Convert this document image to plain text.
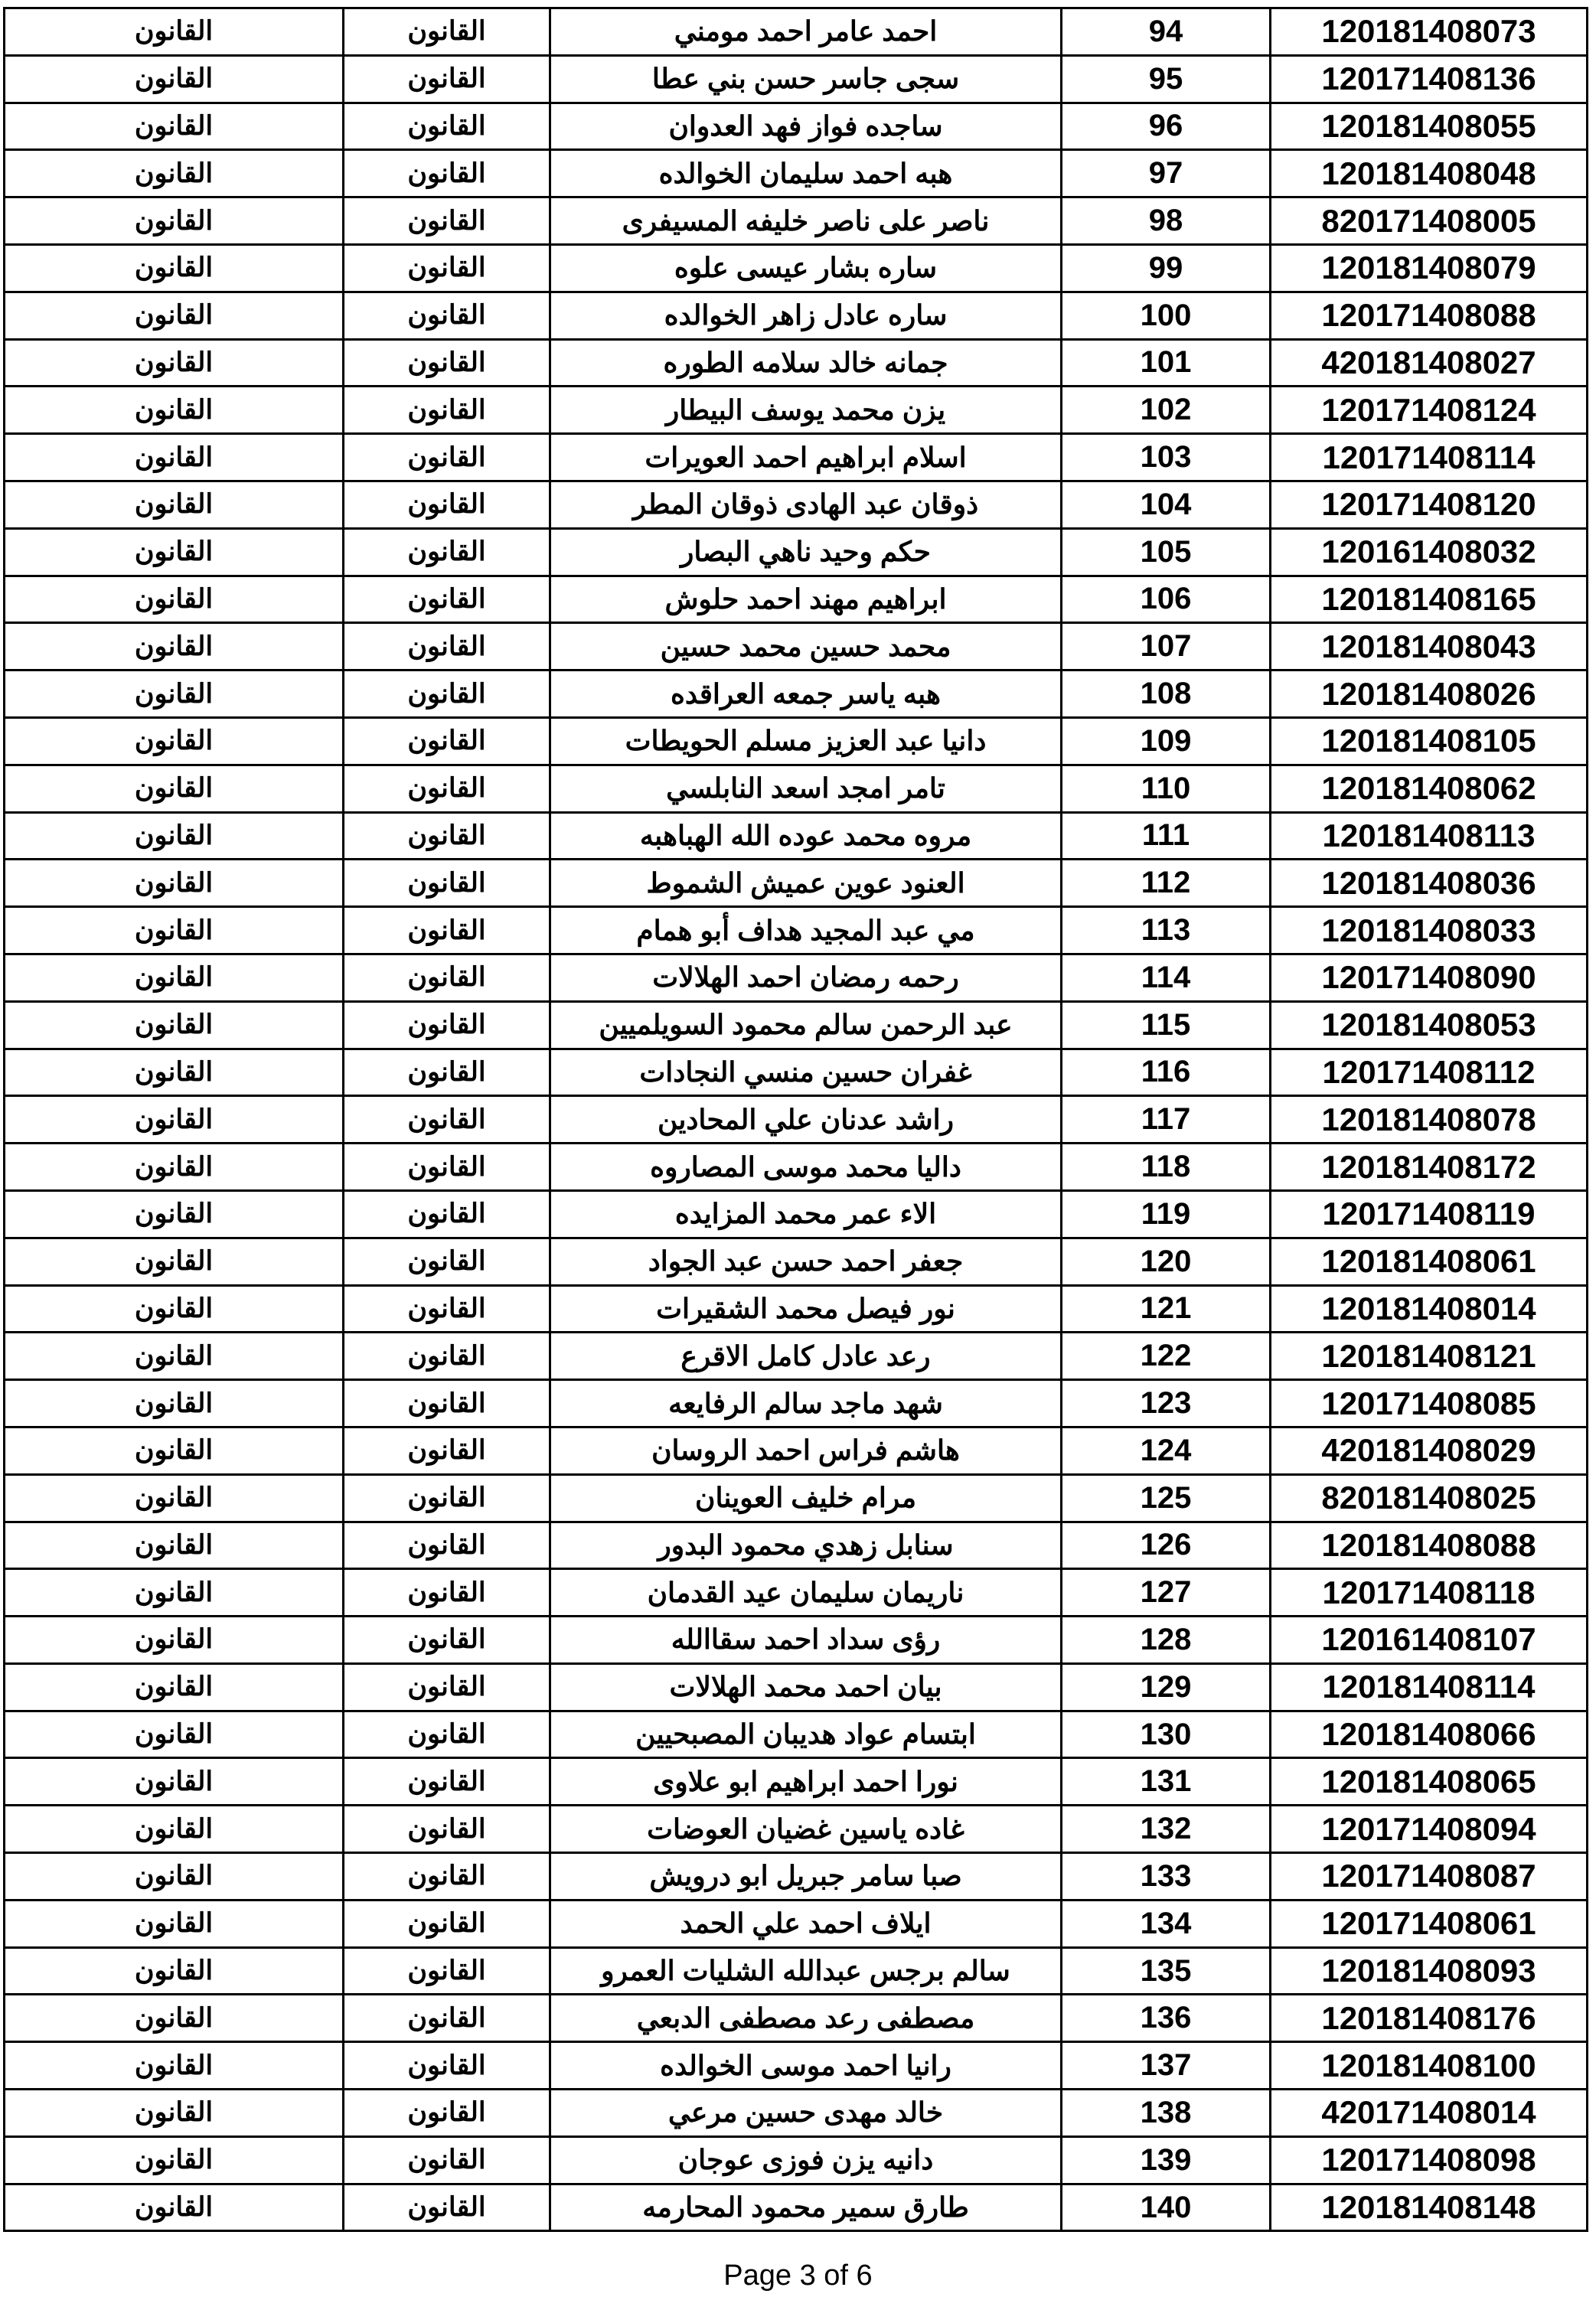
القانون	القانون	احمد عامر احمد مومني	94	120181408073
القانون	القانون	سجى جاسر حسن بني عطا	95	120171408136
القانون	القانون	ساجده فواز فهد العدوان	96	120181408055
القانون	القانون	هبه احمد سليمان الخوالده	97	120181408048
القانون	القانون	ناصر على ناصر خليفه المسيفرى	98	820171408005
القانون	القانون	ساره بشار عيسى علوه	99	120181408079
القانون	القانون	ساره عادل زاهر الخوالده	100	120171408088
القانون	القانون	جمانه خالد سلامه الطوره	101	420181408027
القانون	القانون	يزن محمد يوسف البيطار	102	120171408124
القانون	القانون	اسلام ابراهيم احمد العويرات	103	120171408114
القانون	القانون	ذوقان عبد الهادى ذوقان المطر	104	120171408120
القانون	القانون	حكم وحيد ناهي البصار	105	120161408032
القانون	القانون	ابراهيم مهند احمد حلوش	106	120181408165
القانون	القانون	محمد حسين محمد حسين	107	120181408043
القانون	القانون	هبه ياسر جمعه العراقده	108	120181408026
القانون	القانون	دانيا عبد العزيز مسلم الحويطات	109	120181408105
القانون	القانون	تامر امجد اسعد النابلسي	110	120181408062
القانون	القانون	مروه محمد عوده الله الهباهبه	111	120181408113
القانون	القانون	العنود عوين عميش الشموط	112	120181408036
القانون	القانون	مي عبد المجيد هداف أبو همام	113	120181408033
القانون	القانون	رحمه رمضان احمد الهلالات	114	120171408090
القانون	القانون	عبد الرحمن سالم محمود السويلميين	115	120181408053
القانون	القانون	غفران حسين منسي النجادات	116	120171408112
القانون	القانون	راشد عدنان علي المحادين	117	120181408078
القانون	القانون	داليا محمد موسى المصاروه	118	120181408172
القانون	القانون	الاء عمر محمد المزايده	119	120171408119
القانون	القانون	جعفر احمد حسن عبد الجواد	120	120181408061
القانون	القانون	نور فيصل محمد الشقيرات	121	120181408014
القانون	القانون	رعد عادل كامل الاقرع	122	120181408121
القانون	القانون	شهد ماجد سالم الرفايعه	123	120171408085
القانون	القانون	هاشم فراس احمد الروسان	124	420181408029
القانون	القانون	مرام خليف العوينان	125	820181408025
القانون	القانون	سنابل زهدي محمود البدور	126	120181408088
القانون	القانون	ناريمان سليمان عيد القدمان	127	120171408118
القانون	القانون	رؤى سداد احمد سقاالله	128	120161408107
القانون	القانون	بيان احمد محمد الهلالات	129	120181408114
القانون	القانون	ابتسام عواد هديبان المصبحيين	130	120181408066
القانون	القانون	نورا احمد ابراهيم ابو علاوى	131	120181408065
القانون	القانون	غاده ياسين غضيان العوضات	132	120171408094
القانون	القانون	صبا سامر جبريل ابو درويش	133	120171408087
القانون	القانون	ايلاف احمد علي الحمد	134	120171408061
القانون	القانون	سالم برجس عبدالله الشليات العمرو	135	120181408093
القانون	القانون	مصطفى رعد مصطفى الدبعي	136	120181408176
القانون	القانون	رانيا احمد موسى الخوالده	137	120181408100
القانون	القانون	خالد مهدى حسين مرعي	138	420171408014
القانون	القانون	دانيه يزن فوزى عوجان	139	120171408098
القانون	القانون	طارق سمير محمود المحارمه	140	120181408148
Page 3 of 6
